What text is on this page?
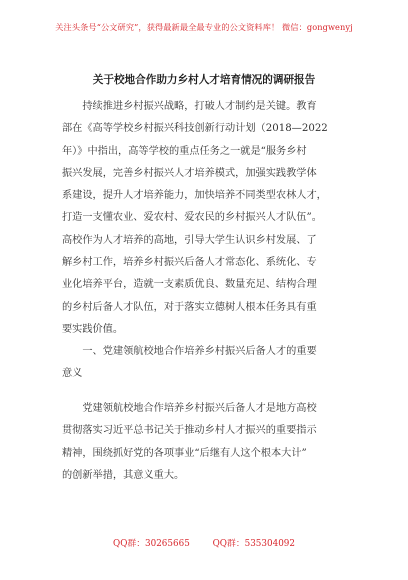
关注头条号“公文研究”，获得最新最全最专业的公文资料库！ 微信：gongwenyj
关于校地合作助力乡村人才培育情况的调研报告
　　持续推进乡村振兴战略，打破人才制约是关键。教育
部在《高等学校乡村振兴科技创新行动计划（2018—2022
年）》中指出，高等学校的重点任务之一就是“服务乡村
振兴发展，完善乡村振兴人才培养模式，加强实践教学体
系建设，提升人才培养能力，加快培养不同类型农林人才，
打造一支懂农业、爱农村、爱农民的乡村振兴人才队伍”。
高校作为人才培养的高地，引导大学生认识乡村发展、了
解乡村工作，培养乡村振兴后备人才常态化、系统化、专
业化培养平台，造就一支素质优良、数量充足、结构合理
的乡村后备人才队伍，对于落实立德树人根本任务具有重
要实践价值。
　　一、党建领航校地合作培养乡村振兴后备人才的重要
意义
　　党建领航校地合作培养乡村振兴后备人才是地方高校
贯彻落实习近平总书记关于推动乡村人才振兴的重要指示
精神，围绕抓好党的各项事业“后继有人这个根本大计”
的创新举措，其意义重大。
QQ群：30265665	QQ群：535304092
